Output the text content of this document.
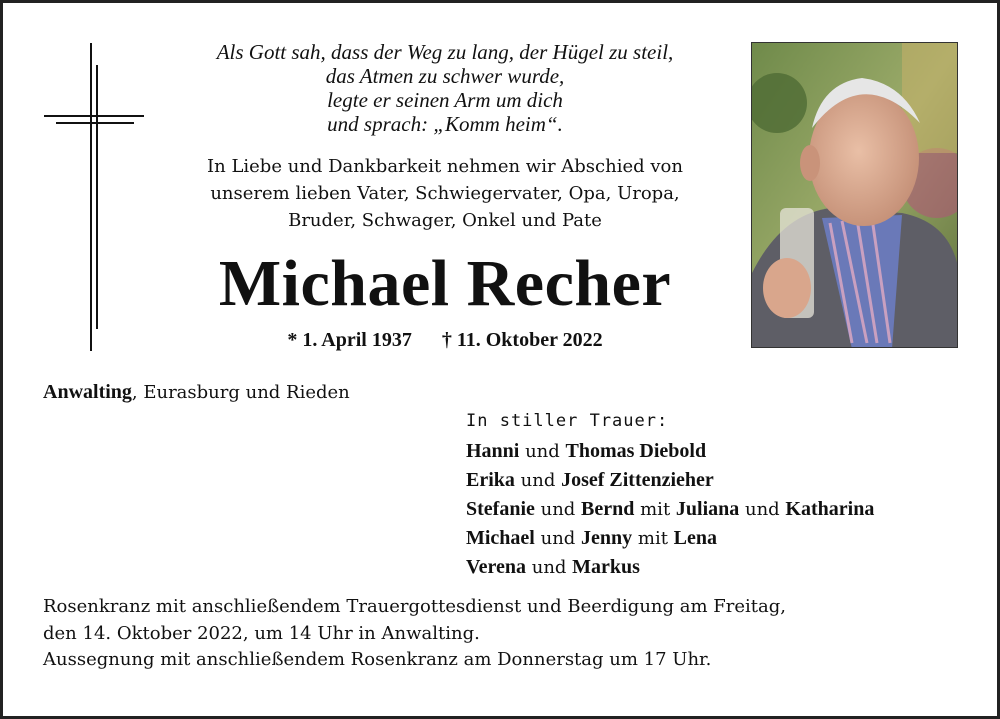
Als Gott sah, dass der Weg zu lang, der Hügel zu steil,
das Atmen zu schwer wurde,
legte er seinen Arm um dich
und sprach: „Komm heim“.
In Liebe und Dankbarkeit nehmen wir Abschied von
unserem lieben Vater, Schwiegervater, Opa, Uropa,
Bruder, Schwager, Onkel und Pate
Michael Recher
* 1. April 1937 † 11. Oktober 2022
Anwalting, Eurasburg und Rieden
In stiller Trauer:
Hanni und Thomas Diebold
Erika und Josef Zittenzieher
Stefanie und Bernd mit Juliana und Katharina
Michael und Jenny mit Lena
Verena und Markus
Rosenkranz mit anschließendem Trauergottesdienst und Beerdigung am Freitag,
den 14. Oktober 2022, um 14 Uhr in Anwalting.
Aussegnung mit anschließendem Rosenkranz am Donnerstag um 17 Uhr.
